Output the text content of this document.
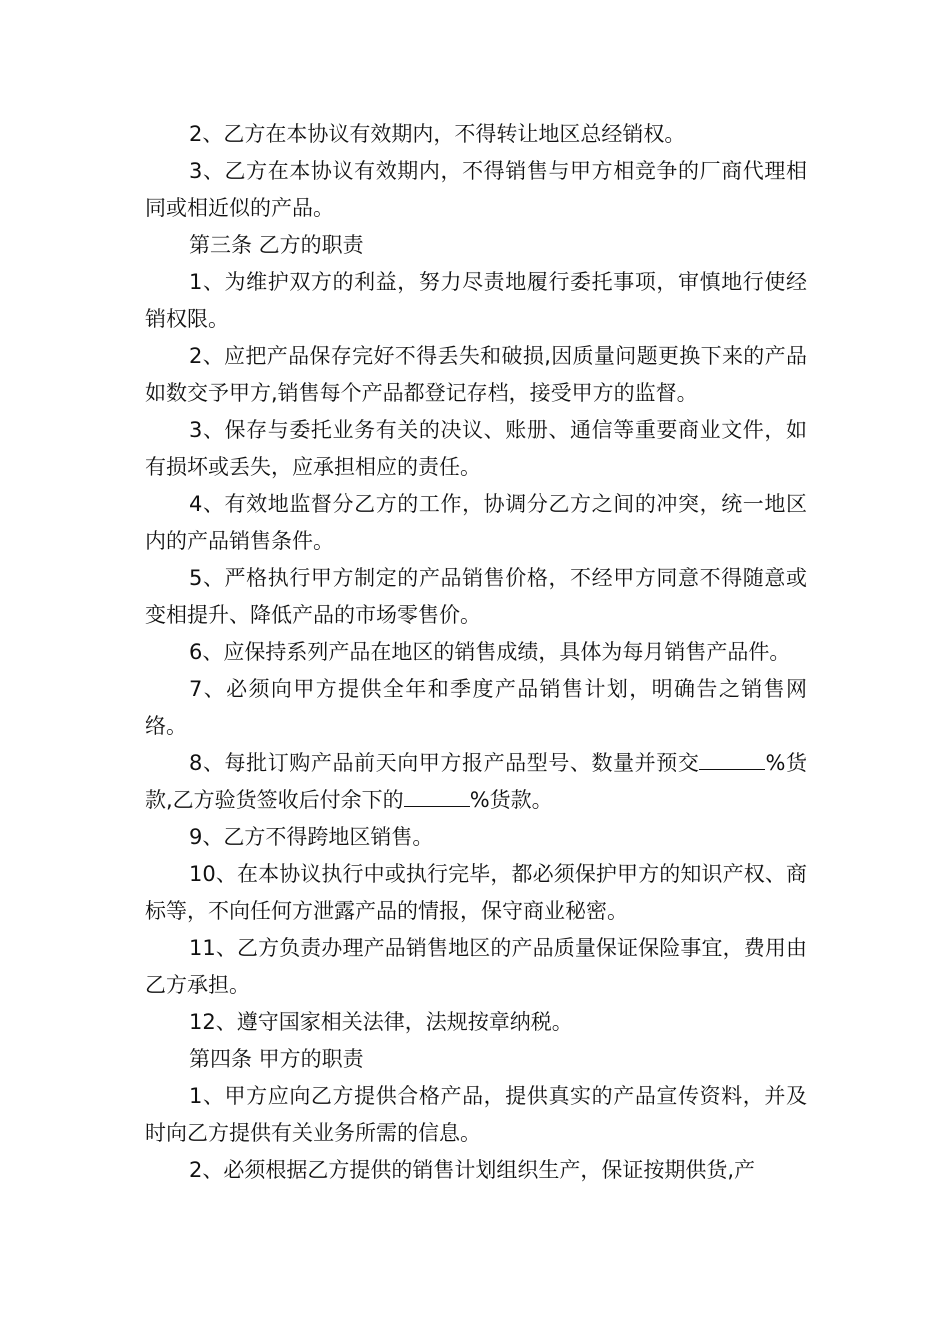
2、乙方在本协议有效期内，不得转让地区总经销权。

3、乙方在本协议有效期内，不得销售与甲方相竞争的厂商代理相同或相近似的产品。

第三条 乙方的职责

1、为维护双方的利益，努力尽责地履行委托事项，审慎地行使经销权限。

2、应把产品保存完好不得丢失和破损,因质量问题更换下来的产品如数交予甲方,销售每个产品都登记存档，接受甲方的监督。

3、保存与委托业务有关的决议、账册、通信等重要商业文件，如有损坏或丢失，应承担相应的责任。

4、有效地监督分乙方的工作，协调分乙方之间的冲突，统一地区内的产品销售条件。

5、严格执行甲方制定的产品销售价格，不经甲方同意不得随意或变相提升、降低产品的市场零售价。

6、应保持系列产品在地区的销售成绩，具体为每月销售产品件。

7、必须向甲方提供全年和季度产品销售计划，明确告之销售网络。

8、每批订购产品前天向甲方报产品型号、数量并预交	%货款,乙方验货签收后付余下的	%货款。

9、乙方不得跨地区销售。

10、在本协议执行中或执行完毕，都必须保护甲方的知识产权、商标等，不向任何方泄露产品的情报，保守商业秘密。

11、乙方负责办理产品销售地区的产品质量保证保险事宜，费用由乙方承担。

12、遵守国家相关法律，法规按章纳税。

第四条 甲方的职责

1、甲方应向乙方提供合格产品，提供真实的产品宣传资料，并及时向乙方提供有关业务所需的信息。

2、必须根据乙方提供的销售计划组织生产，保证按期供货,产
